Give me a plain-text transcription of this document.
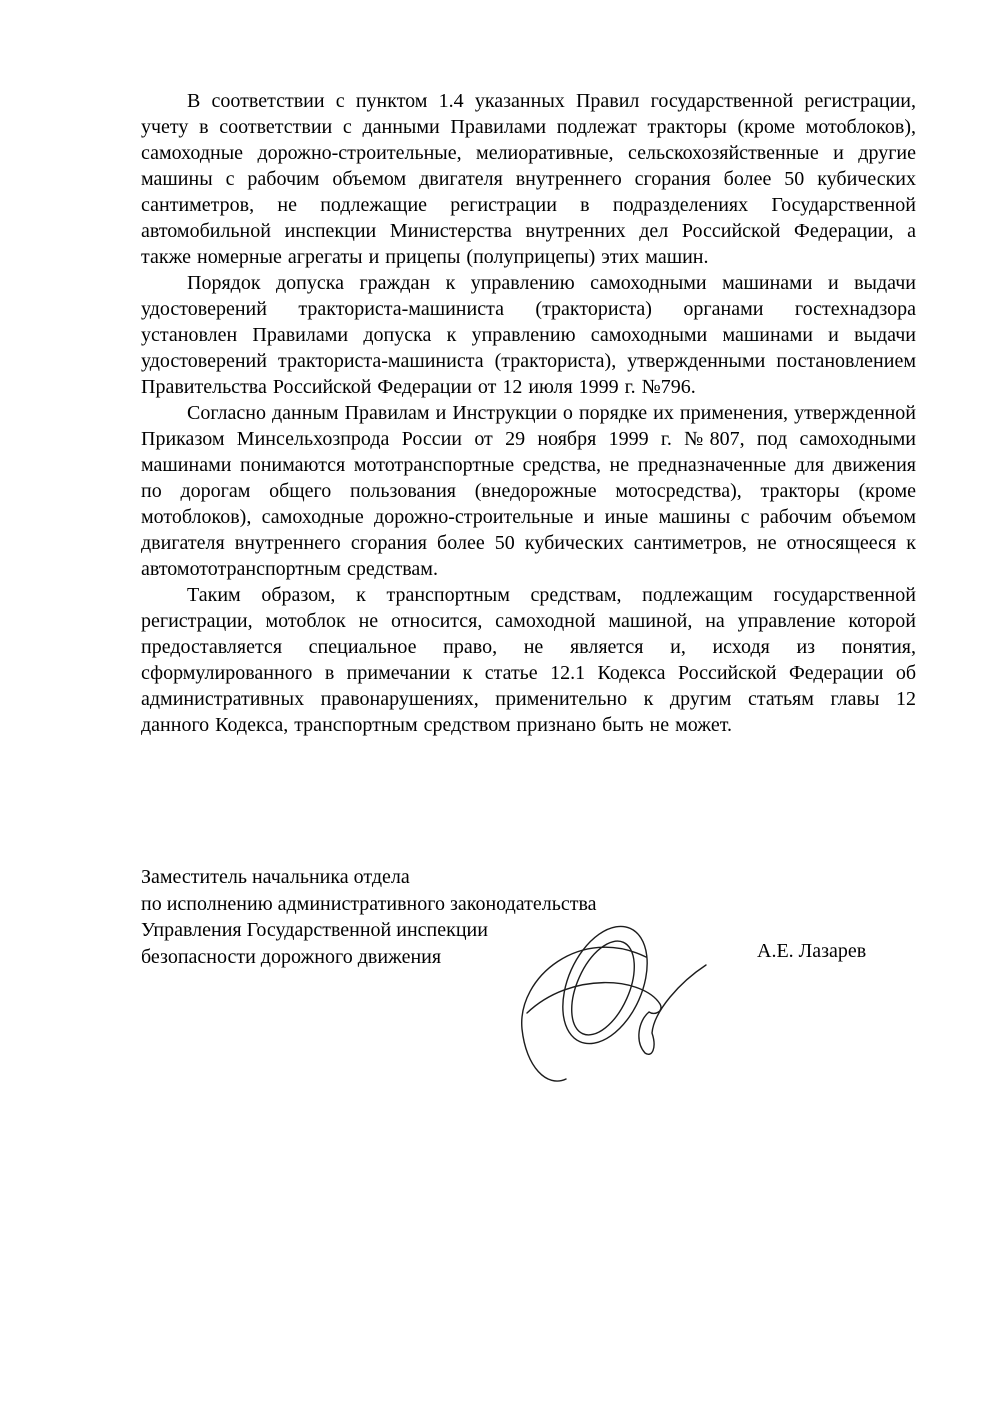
В соответствии с пунктом 1.4 указанных Правил государственной регистрации, учету в соответствии с данными Правилами подлежат тракторы (кроме мотоблоков), самоходные дорожно-строительные, мелиоративные, сельскохозяйственные и другие машины с рабочим объемом двигателя внутреннего сгорания более 50 кубических сантиметров, не подлежащие регистрации в подразделениях Государственной автомобильной инспекции Министерства внутренних дел Российской Федерации, а также номерные агрегаты и прицепы (полуприцепы) этих машин.

Порядок допуска граждан к управлению самоходными машинами и выдачи удостоверений тракториста-машиниста (тракториста) органами гостехнадзора установлен Правилами допуска к управлению самоходными машинами и выдачи удостоверений тракториста-машиниста (тракториста), утвержденными постановлением Правительства Российской Федерации от 12 июля 1999 г. №796.

Согласно данным Правилам и Инструкции о порядке их применения, утвержденной Приказом Минсельхозпрода России от 29 ноября 1999 г. №807, под самоходными машинами понимаются мототранспортные средства, не предназначенные для движения по дорогам общего пользования (внедорожные мотосредства), тракторы (кроме мотоблоков), самоходные дорожно-строительные и иные машины с рабочим объемом двигателя внутреннего сгорания более 50 кубических сантиметров, не относящееся к автомототранспортным средствам.

Таким образом, к транспортным средствам, подлежащим государственной регистрации, мотоблок не относится, самоходной машиной, на управление которой предоставляется специальное право, не является и, исходя из понятия, сформулированного в примечании к статье 12.1 Кодекса Российской Федерации об административных правонарушениях, применительно к другим статьям главы 12 данного Кодекса, транспортным средством признано быть не может.

Заместитель начальника отдела
по исполнению административного законодательства
Управления Государственной инспекции
безопасности дорожного движения	А.Е. Лазарев
